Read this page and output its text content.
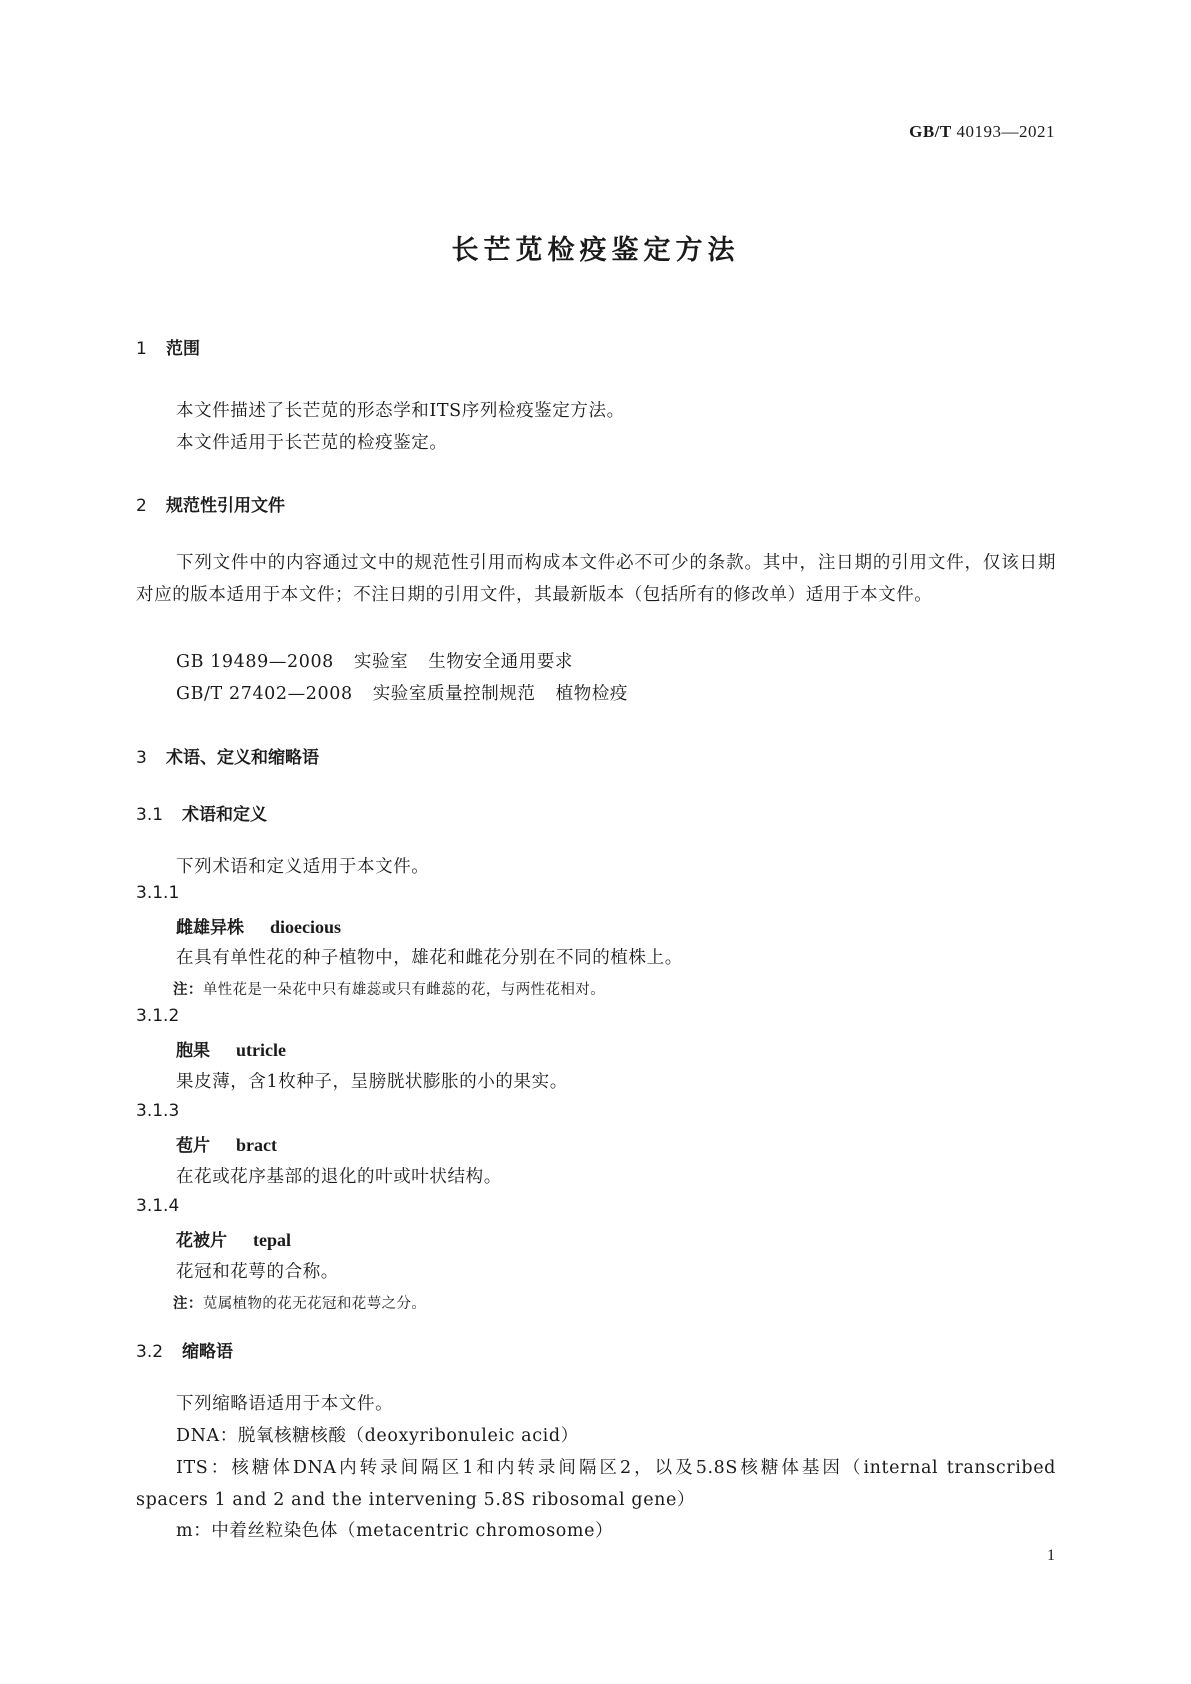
GB/T 40193—2021
长芒苋检疫鉴定方法
1 范围
本文件描述了长芒苋的形态学和ITS序列检疫鉴定方法。
本文件适用于长芒苋的检疫鉴定。
2 规范性引用文件
下列文件中的内容通过文中的规范性引用而构成本文件必不可少的条款。其中，注日期的引用文件，仅该日期对应的版本适用于本文件；不注日期的引用文件，其最新版本（包括所有的修改单）适用于本文件。
GB 19489—2008 实验室 生物安全通用要求
GB/T 27402—2008 实验室质量控制规范 植物检疫
3 术语、定义和缩略语
3.1 术语和定义
下列术语和定义适用于本文件。
3.1.1
雌雄异株 dioecious
在具有单性花的种子植物中，雄花和雌花分别在不同的植株上。
注：单性花是一朵花中只有雄蕊或只有雌蕊的花，与两性花相对。
3.1.2
胞果 utricle
果皮薄，含1枚种子，呈膀胱状膨胀的小的果实。
3.1.3
苞片 bract
在花或花序基部的退化的叶或叶状结构。
3.1.4
花被片 tepal
花冠和花萼的合称。
注：苋属植物的花无花冠和花萼之分。
3.2 缩略语
下列缩略语适用于本文件。
DNA：脱氧核糖核酸（deoxyribonuleic acid）
ITS：核糖体DNA内转录间隔区1和内转录间隔区2，以及5.8S核糖体基因（internal transcribed spacers 1 and 2 and the intervening 5.8S ribosomal gene）
m：中着丝粒染色体（metacentric chromosome）
1
